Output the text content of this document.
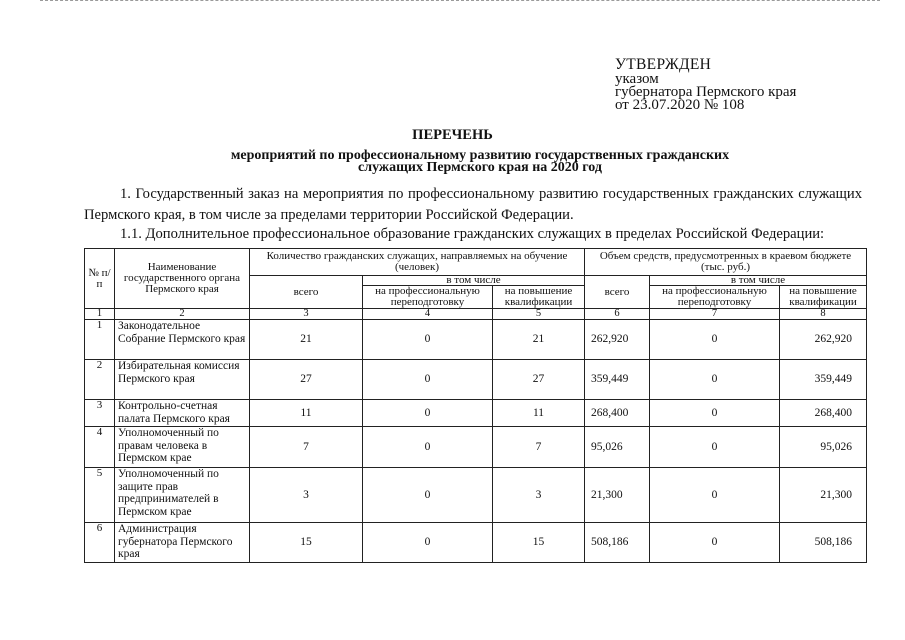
УТВЕРЖДЕН
указом
губернатора Пермского края
от 23.07.2020 № 108
ПЕРЕЧЕНЬ
мероприятий по профессиональному развитию государственных гражданских
служащих Пермского края на 2020 год
1. Государственный заказ на мероприятия по профессиональному развитию государственных гражданских служащих Пермского края, в том числе за пределами территории Российской Федерации.
1.1. Дополнительное профессиональное образование гражданских служащих в пределах Российской Федерации:
№ п/п	Наименование государственного органа Пермского края	Количество гражданских служащих, направляемых на обучение (человек)			Объем средств, предусмотренных в краевом бюджете (тыс. руб.)		
		всего	в том числе		всего	в том числе	
			на профессиональную переподготовку	на повышение квалификации		на профессиональную переподготовку	на повышение квалификации
1	2	3	4	5	6	7	8
1	Законодательное Собрание Пермского края	21	0	21	262,920	0	262,920
2	Избирательная комиссия Пермского края	27	0	27	359,449	0	359,449
3	Контрольно-счетная палата Пермского края	11	0	11	268,400	0	268,400
4	Уполномоченный по правам человека в Пермском крае	7	0	7	95,026	0	95,026
5	Уполномоченный по защите прав предпринимателей в Пермском крае	3	0	3	21,300	0	21,300
6	Администрация губернатора Пермского края	15	0	15	508,186	0	508,186
